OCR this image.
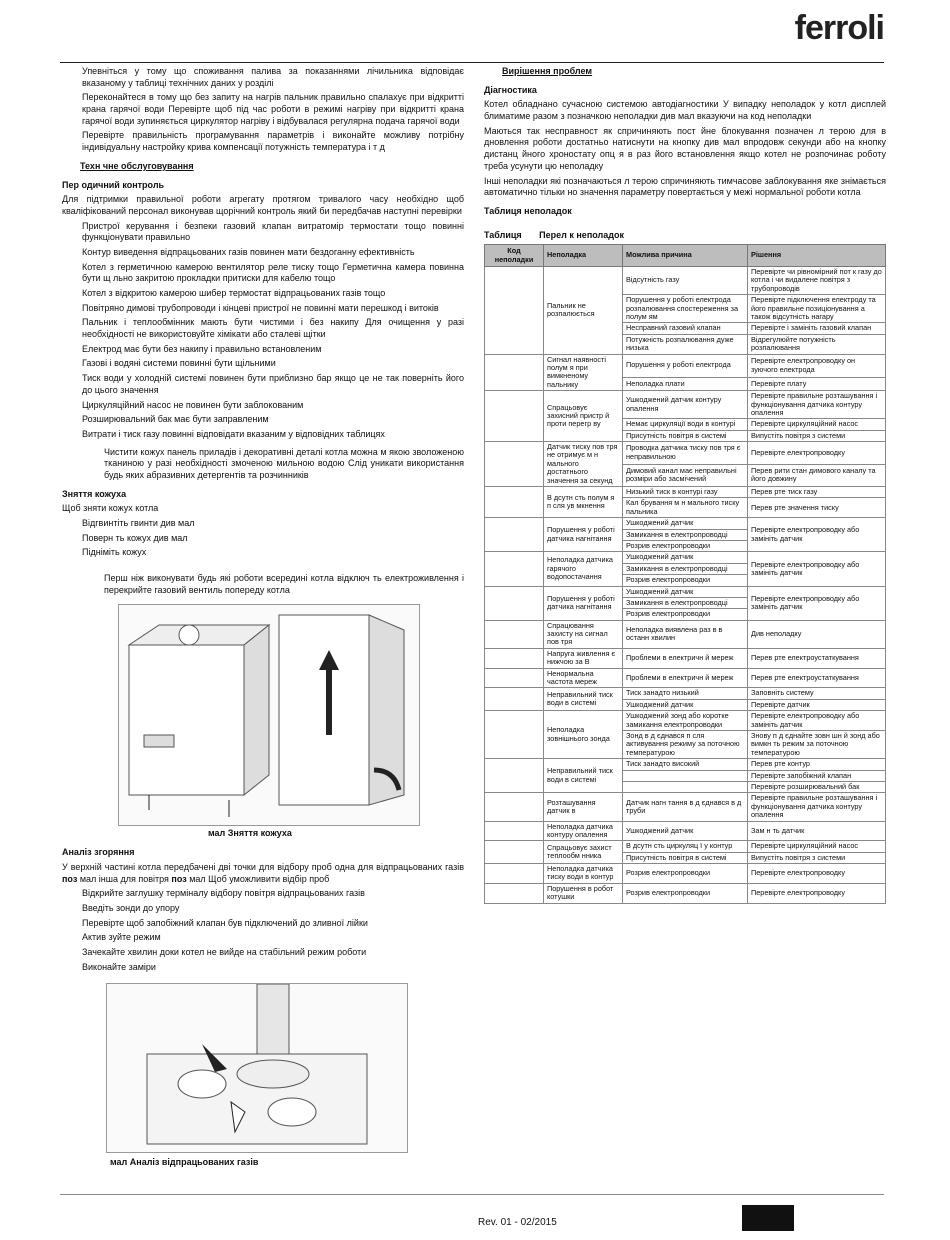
ferroli

Упевніться у тому що споживання палива за показаннями лічильника відповідає вказаному у таблиці технічних даних у розділі

Переконайтеся в тому що без запиту на нагрів пальник правильно спалахує при відкритті крана гарячої води Перевірте щоб під час роботи в режимі нагріву при відкритті крана гарячої води зупиняється циркулятор нагріву і відбувалася регулярна подача гарячої води

Перевірте правильність програмування параметрів і виконайте можливу потрібну індивідуальну настройку крива компенсації потужність температура і т д

Техн чне обслуговування
Пер одичний контроль

Для підтримки правильної роботи агрегату протягом тривалого часу необхідно щоб кваліфікований персонал виконував щорічний контроль який би передбачав наступні перевірки

Пристрої керування і безпеки газовий клапан витратомір термостати тощо повинні функціонувати правильно

Контур виведення відпрацьованих газів повинен мати бездоганну ефективність

Котел з герметичною камерою вентилятор реле тиску тощо Герметична камера повинна бути щ льно закритою прокладки притиски для кабелю тощо

Котел з відкритою камерою шибер термостат відпрацьованих газів тощо

Повітряно димові трубопроводи і кінцеві пристрої не повинні мати перешкод і витоків

Пальник і теплообмінник мають бути чистими і без накипу Для очищення у разі необхідності не використовуйте хімікати або сталеві щітки

Електрод має бути без накипу і правильно встановленим

Газові і водяні системи повинні бути щільними

Тиск води у холодній системі повинен бути приблизно бар якщо це не так поверніть його до цього значення

Циркуляційний насос не повинен бути заблокованим

Розширювальний бак має бути заправленим

Витрати і тиск газу повинні відповідати вказаним у відповідних таблицях

Чистити кожух панель приладів і декоративні деталі котла можна м якою зволоженою тканиною у разі необхідності змоченою мильною водою Слід уникати використання будь яких абразивних детергентів та розчинників

Зняття кожуха

Щоб зняти кожух котла

Відгвинтіть гвинти див мал

Поверн ть кожух див мал

Підніміть кожух

Перш ніж виконувати будь які роботи всередині котла відключ ть електроживлення і перекрийте газовий вентиль попереду котла

мал Зняття кожуха

Аналіз згоряння

У верхній частині котла передбачені дві точки для відбору проб одна для відпрацьованих газів поз мал інша для повітря поз мал Щоб уможливити відбір проб

Відкрийте заглушку терміналу відбору повітря відпрацьованих газів

Введіть зонди до упору

Перевірте щоб запобіжний клапан був підключений до зливної лійки

Актив зуйте режим

Зачекайте хвилин доки котел не вийде на стабільний режим роботи

Виконайте заміри

мал Аналіз відпрацьованих газів

Вирішення проблем
Діагностика

Котел обладнано сучасною системою автодіагностики У випадку неполадок у котл дисплей блиматиме разом з позначкою неполадки див мал вказуючи на код неполадки

Маються так несправност як спричиняють пост йне блокування позначен л терою для в дновлення роботи достатньо натиснути на кнопку див мал впродовж секунди або на кнопку дистанц йного хроностату опц я в раз його встановлення якщо котел не розпочинає роботу треба усунути цю неполадку

Інші неполадки які позначаються л терою спричиняють тимчасове заблокування яке знімається автоматично тільки но значення параметру повертається у межі нормальної роботи котла

Таблиця неполадок
Таблиця Перел к неполадок
Код неполадки	Неполадка	Можлива причина	Рішення
	Пальник не розпалюється	Відсутність газу	Перевірте чи рівномірний пот к газу до котла і чи видалене повітря з трубопроводів
		Порушення у роботі електрода розпалювання спостереження за полум ям	Перевірте підключення електроду та його правильне позиціонування а також відсутність нагару
		Несправний газовий клапан	Перевірте і замініть газовий клапан
		Потужність розпалювання дуже низька	Відрегулюйте потужність розпалювання
	Сигнал наявності полум я при вимкненому пальнику	Порушення у роботі електрода	Перевірте електропроводку он зуючого електрода
		Неполадка плати	Перевірте плату
	Спрацьовує захисний пристр й проти перегр ву	Ушкоджений датчик контуру опалення	Перевірте правильне розташування і функціонування датчика контуру опалення
		Немає циркуляції води в контурі	Перевірте циркуляційний насос
		Присутність повітря в системі	Випустіть повітря з системи
	Датчик тиску пов тря не отримує м н мального достатнього значення за секунд	Проводка датчика тиску пов тря є неправильною	Перевірте електропроводку
		Димовий канал має неправильні розміри або засмічений	Перев рити стан димового каналу та його довжину
	В дсутн сть полум я п сля ув мкнення	Низький тиск в контурі газу	Перев рте тиск газу
		Кал брування м н мального тиску пальника	Перев рте значення тиску
	Порушення у роботі датчика нагнітання	Ушкоджений датчик	Перевірте електропроводку або замініть датчик
		Замикання в електропроводці	
		Розрив електропроводки	
	Неполадка датчика гарячого водопостачання	Ушкоджений датчик	Перевірте електропроводку або замініть датчик
		Замикання в електропроводці	
		Розрив електропроводки	
	Порушення у роботі датчика нагнітання	Ушкоджений датчик	Перевірте електропроводку або замініть датчик
		Замикання в електропроводці	
		Розрив електропроводки	
	Спрацювання захисту на сигнал пов тря	Неполадка виявлена раз в в останн хвилин	Див неполадку
	Напруга живлення є нижчою за В	Проблеми в електричн й мереж	Перев рте електроустаткування
	Ненормальна частота мереж	Проблеми в електричн й мереж	Перев рте електроустаткування
	Неправильний тиск води в системі	Тиск занадто низький	Заповніть систему
		Ушкоджений датчик	Перевірте датчик
	Неполадка зовнішнього зонда	Ушкоджений зонд або коротке замикання електропроводки	Перевірте електропроводку або замініть датчик
		Зонд в д єднався п сля активування режиму за поточною температурою	Знову п д єднайте зовн шн й зонд або вимкн ть режим за поточною температурою
	Неправильний тиск води в системі	Тиск занадто високий	Перев рте контур
			Перевірте запобіжний клапан
			Перевірте розширювальний бак
	Розташування датчик в	Датчик нагн тання в д єднався в д труби	Перевірте правильне розташування і функціонування датчика контуру опалення
	Неполадка датчика контуру опалення	Ушкоджений датчик	Зам н ть датчик
	Спрацьовує захист теплообм нника	В дсутн сть циркуляц ї у контур	Перевірте циркуляційний насос
		Присутність повітря в системі	Випустіть повітря з системи
	Неполадка датчика тиску води в контур	Розрив електропроводки	Перевірте електропроводку
	Порушення в робот котушки	Розрив електропроводки	Перевірте електропроводку
Rev. 01 - 02/2015
